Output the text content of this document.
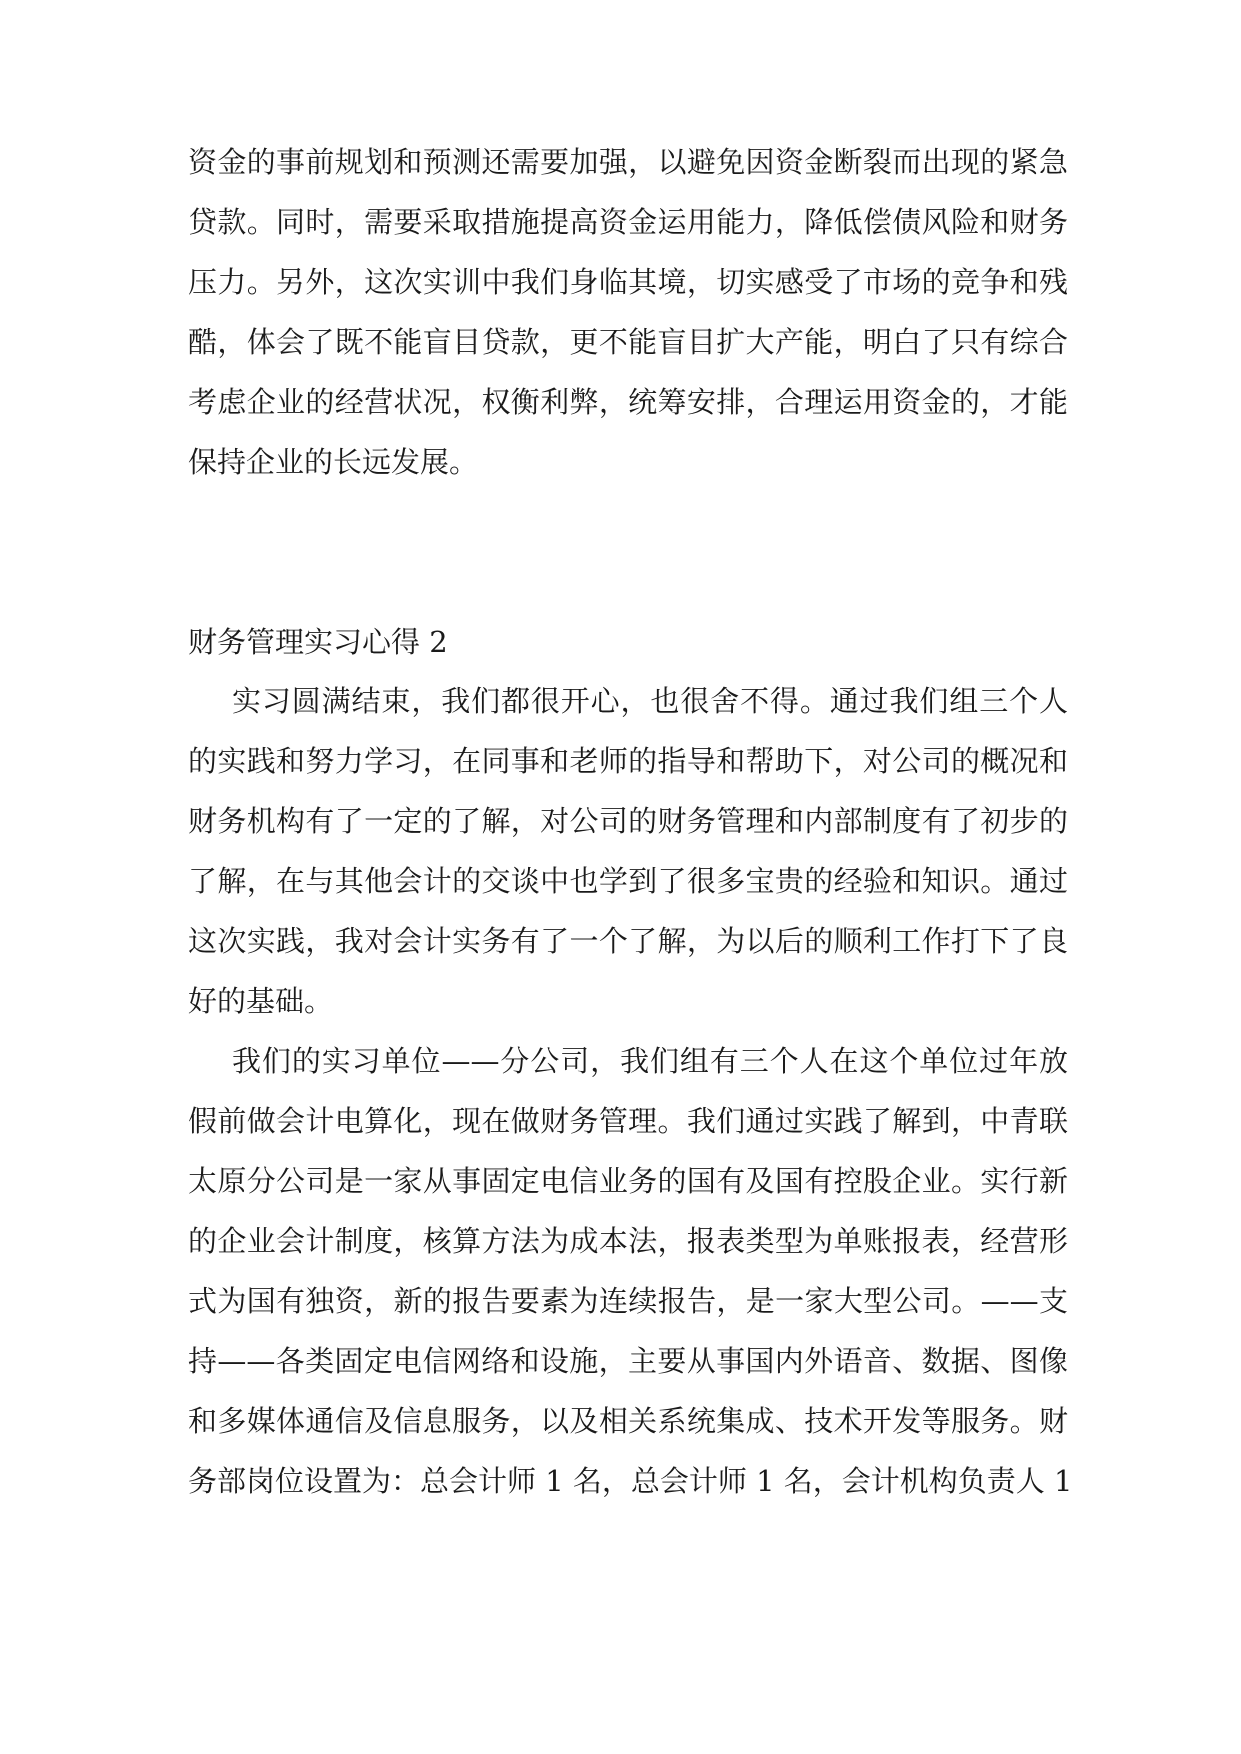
资金的事前规划和预测还需要加强，以避免因资金断裂而出现的紧急
贷款。同时，需要采取措施提高资金运用能力，降低偿债风险和财务
压力。另外，这次实训中我们身临其境，切实感受了市场的竞争和残
酷，体会了既不能盲目贷款，更不能盲目扩大产能，明白了只有综合
考虑企业的经营状况，权衡利弊，统筹安排，合理运用资金的，才能
保持企业的长远发展。
财务管理实习心得 2
实习圆满结束，我们都很开心，也很舍不得。通过我们组三个人
的实践和努力学习，在同事和老师的指导和帮助下，对公司的概况和
财务机构有了一定的了解，对公司的财务管理和内部制度有了初步的
了解，在与其他会计的交谈中也学到了很多宝贵的经验和知识。通过
这次实践，我对会计实务有了一个了解，为以后的顺利工作打下了良
好的基础。
我们的实习单位——分公司，我们组有三个人在这个单位过年放
假前做会计电算化，现在做财务管理。我们通过实践了解到，中青联
太原分公司是一家从事固定电信业务的国有及国有控股企业。实行新
的企业会计制度，核算方法为成本法，报表类型为单账报表，经营形
式为国有独资，新的报告要素为连续报告，是一家大型公司。——支
持——各类固定电信网络和设施，主要从事国内外语音、数据、图像
和多媒体通信及信息服务，以及相关系统集成、技术开发等服务。财
务部岗位设置为：总会计师 1 名，总会计师 1 名，会计机构负责人 1
